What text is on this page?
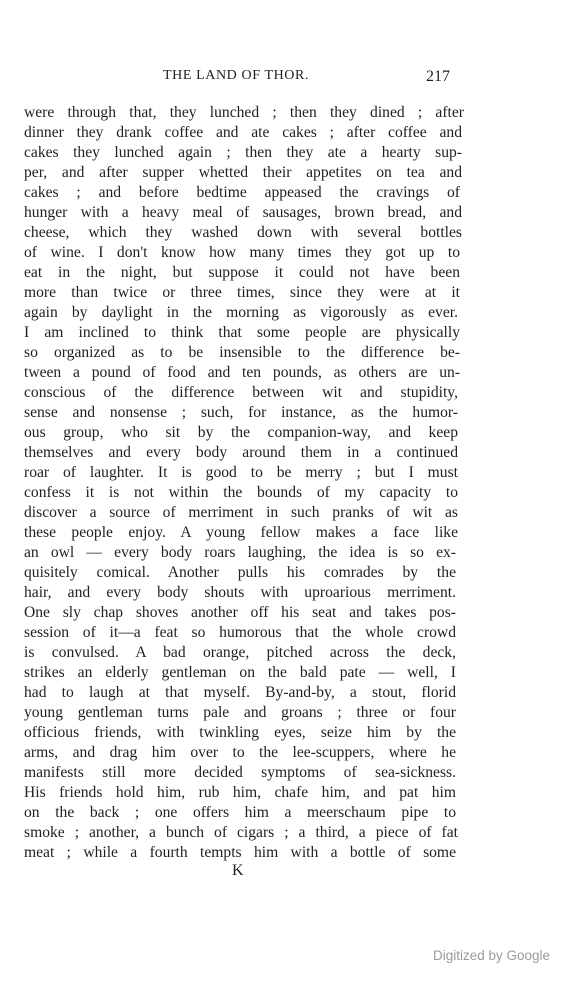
THE LAND OF THOR.	217
were through that, they lunched ; then they dined ; after
dinner they drank coffee and ate cakes ; after coffee and
cakes they lunched again ; then they ate a hearty sup-
per, and after supper whetted their appetites on tea and
cakes ; and before bedtime appeased the cravings of
hunger with a heavy meal of sausages, brown bread, and
cheese, which they washed down with several bottles
of wine. I don't know how many times they got up to
eat in the night, but suppose it could not have been
more than twice or three times, since they were at it
again by daylight in the morning as vigorously as ever.
I am inclined to think that some people are physically
so organized as to be insensible to the difference be-
tween a pound of food and ten pounds, as others are un-
conscious of the difference between wit and stupidity,
sense and nonsense ; such, for instance, as the humor-
ous group, who sit by the companion-way, and keep
themselves and every body around them in a continued
roar of laughter. It is good to be merry ; but I must
confess it is not within the bounds of my capacity to
discover a source of merriment in such pranks of wit as
these people enjoy. A young fellow makes a face like
an owl — every body roars laughing, the idea is so ex-
quisitely comical. Another pulls his comrades by the
hair, and every body shouts with uproarious merriment.
One sly chap shoves another off his seat and takes pos-
session of it—a feat so humorous that the whole crowd
is convulsed. A bad orange, pitched across the deck,
strikes an elderly gentleman on the bald pate — well, I
had to laugh at that myself. By-and-by, a stout, florid
young gentleman turns pale and groans ; three or four
officious friends, with twinkling eyes, seize him by the
arms, and drag him over to the lee-scuppers, where he
manifests still more decided symptoms of sea-sickness.
His friends hold him, rub him, chafe him, and pat him
on the back ; one offers him a meerschaum pipe to
smoke ; another, a bunch of cigars ; a third, a piece of fat
meat ; while a fourth tempts him with a bottle of some
K
Digitized by Google
